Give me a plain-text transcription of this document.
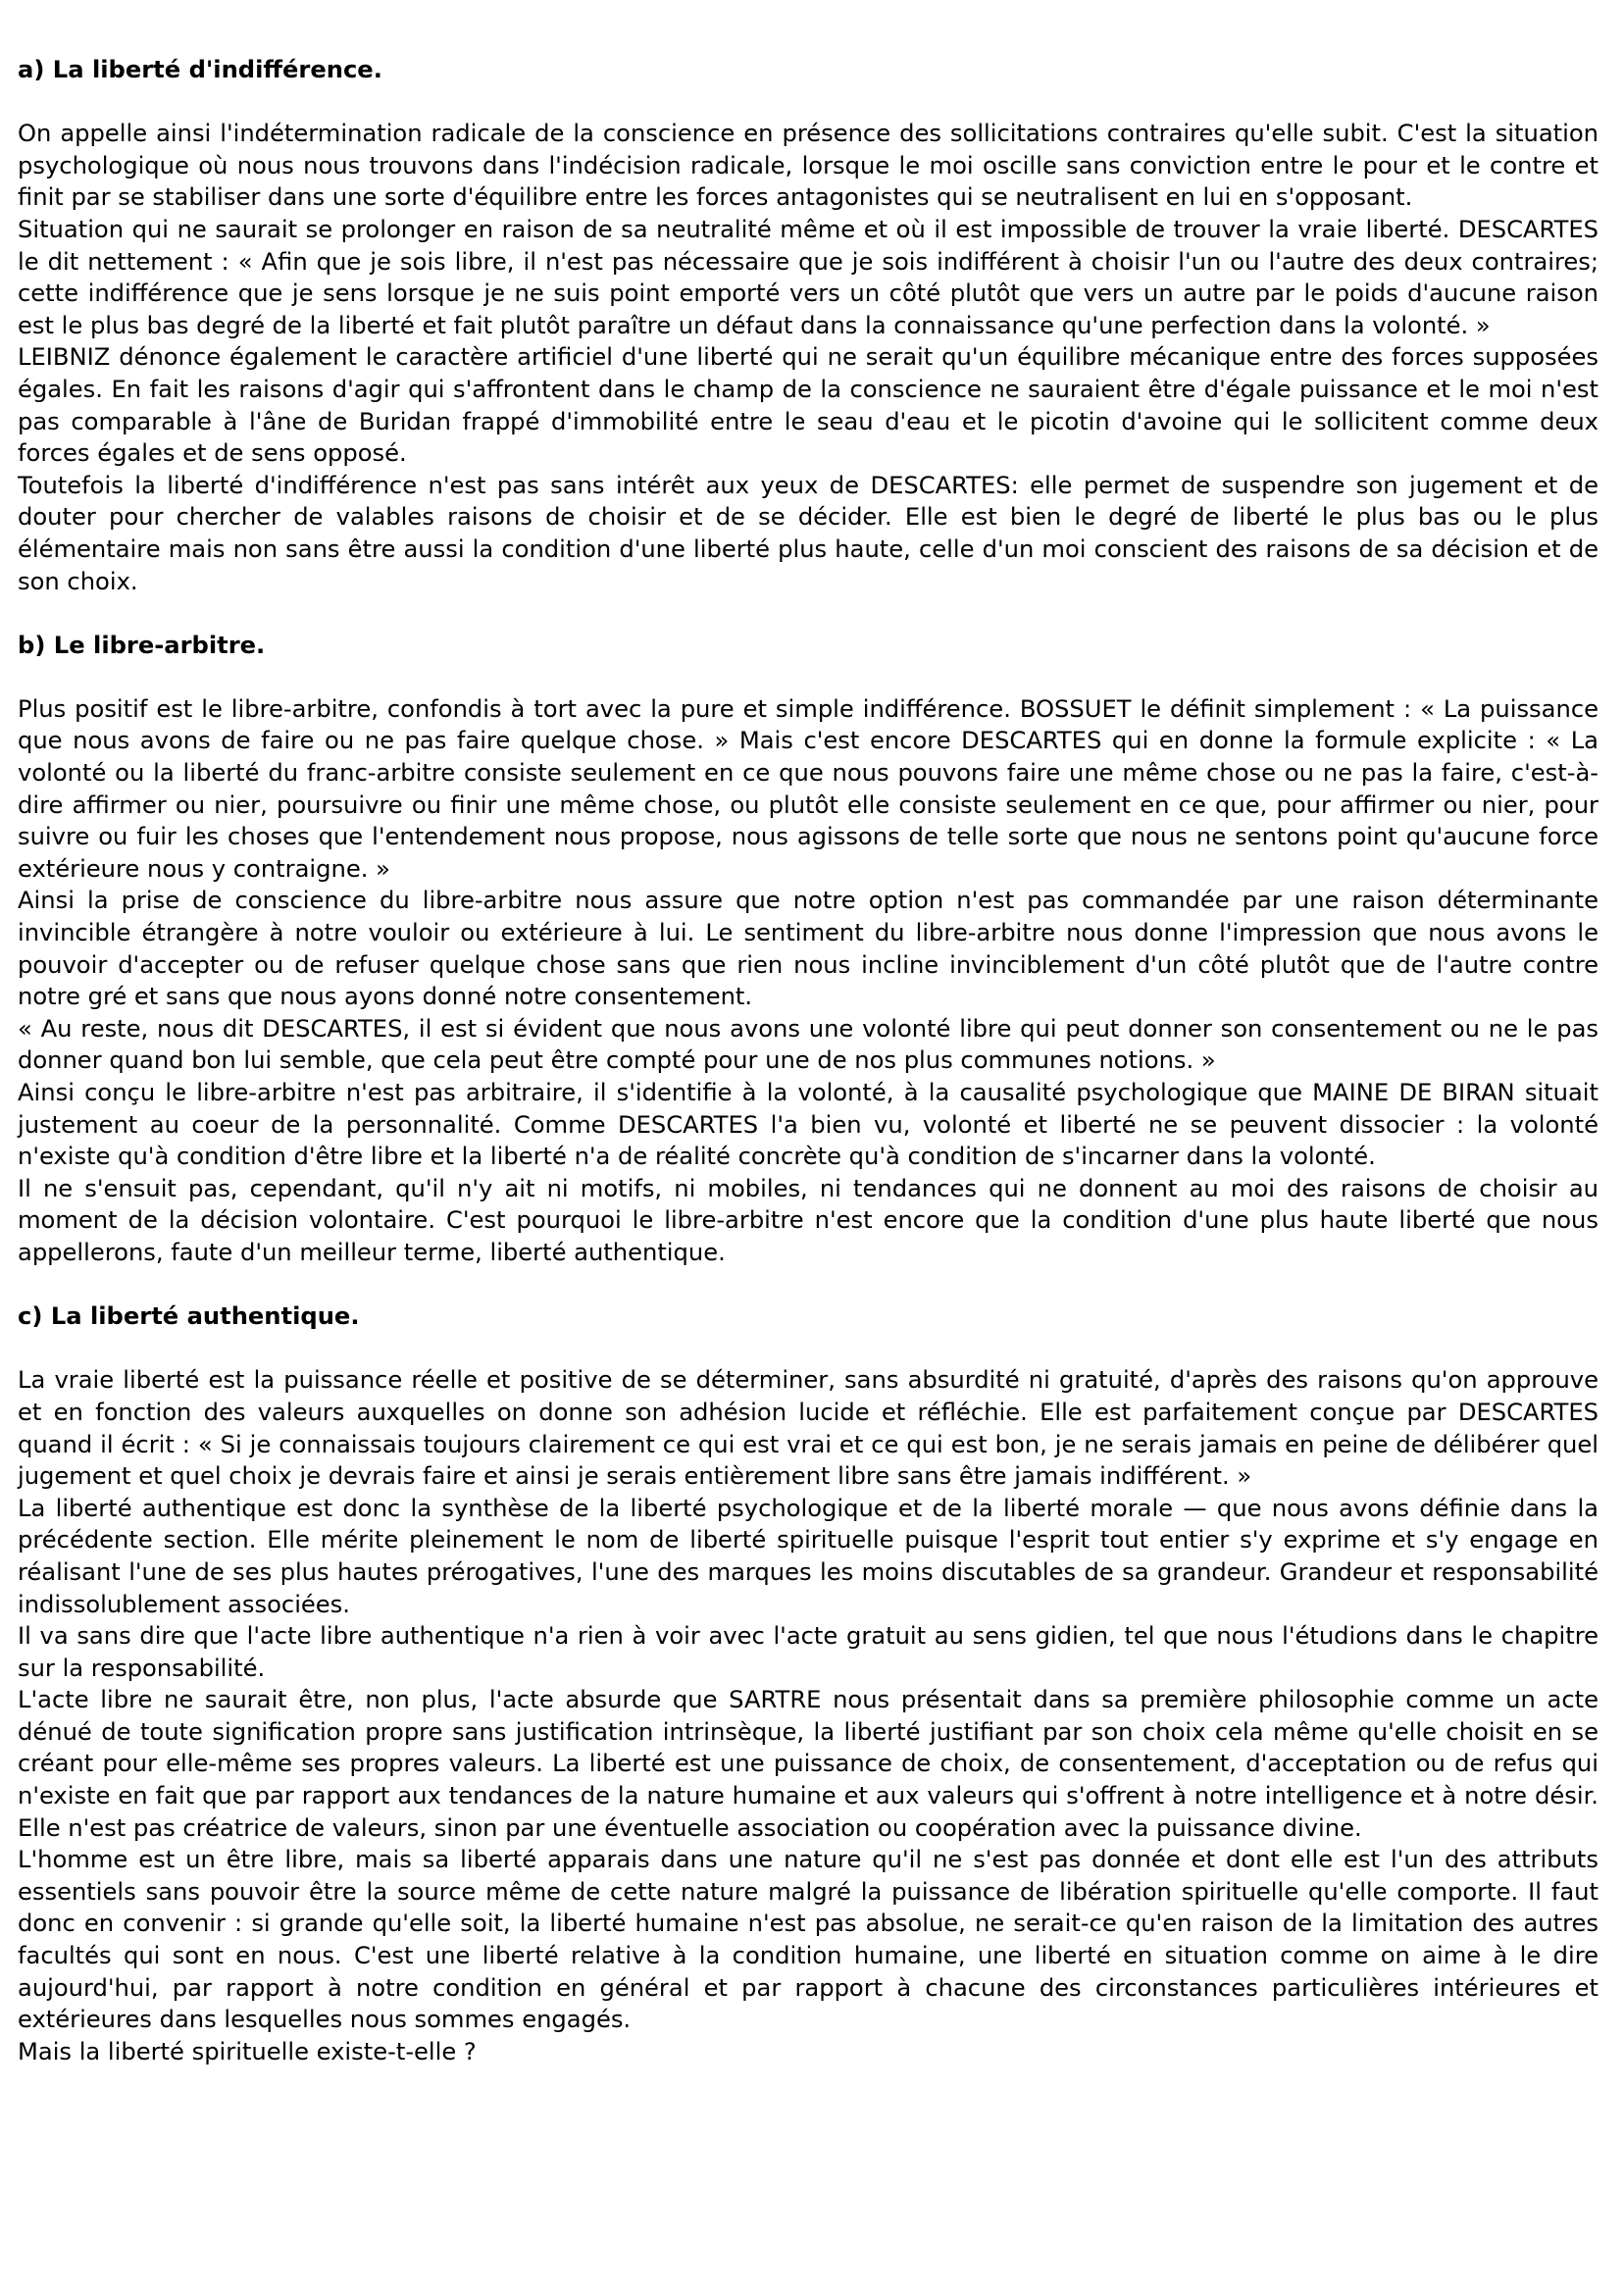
a) La liberté d'indifférence.

On appelle ainsi l'indétermination radicale de la conscience en présence des sollicitations contraires qu'elle subit. C'est la situation psychologique où nous nous trouvons dans l'indécision radicale, lorsque le moi oscille sans conviction entre le pour et le contre et finit par se stabiliser dans une sorte d'équilibre entre les forces antagonistes qui se neutralisent en lui en s'opposant.

Situation qui ne saurait se prolonger en raison de sa neutralité même et où il est impossible de trouver la vraie liberté. DESCARTES le dit nettement : « Afin que je sois libre, il n'est pas nécessaire que je sois indifférent à choisir l'un ou l'autre des deux contraires; cette indifférence que je sens lorsque je ne suis point emporté vers un côté plutôt que vers un autre par le poids d'aucune raison est le plus bas degré de la liberté et fait plutôt paraître un défaut dans la connaissance qu'une perfection dans la volonté. »

LEIBNIZ dénonce également le caractère artificiel d'une liberté qui ne serait qu'un équilibre mécanique entre des forces supposées égales. En fait les raisons d'agir qui s'affrontent dans le champ de la conscience ne sauraient être d'égale puissance et le moi n'est pas comparable à l'âne de Buridan frappé d'immobilité entre le seau d'eau et le picotin d'avoine qui le sollicitent comme deux forces égales et de sens opposé.

Toutefois la liberté d'indifférence n'est pas sans intérêt aux yeux de DESCARTES: elle permet de suspendre son jugement et de douter pour chercher de valables raisons de choisir et de se décider. Elle est bien le degré de liberté le plus bas ou le plus élémentaire mais non sans être aussi la condition d'une liberté plus haute, celle d'un moi conscient des raisons de sa décision et de son choix.

b) Le libre-arbitre.

Plus positif est le libre-arbitre, confondis à tort avec la pure et simple indifférence. BOSSUET le définit simplement : « La puissance que nous avons de faire ou ne pas faire quelque chose. » Mais c'est encore DESCARTES qui en donne la formule explicite : « La volonté ou la liberté du franc-arbitre consiste seulement en ce que nous pouvons faire une même chose ou ne pas la faire, c'est-à-dire affirmer ou nier, poursuivre ou finir une même chose, ou plutôt elle consiste seulement en ce que, pour affirmer ou nier, pour suivre ou fuir les choses que l'entendement nous propose, nous agissons de telle sorte que nous ne sentons point qu'aucune force extérieure nous y contraigne. »

Ainsi la prise de conscience du libre-arbitre nous assure que notre option n'est pas commandée par une raison déterminante invincible étrangère à notre vouloir ou extérieure à lui. Le sentiment du libre-arbitre nous donne l'impression que nous avons le pouvoir d'accepter ou de refuser quelque chose sans que rien nous incline invinciblement d'un côté plutôt que de l'autre contre notre gré et sans que nous ayons donné notre consentement.

« Au reste, nous dit DESCARTES, il est si évident que nous avons une volonté libre qui peut donner son consentement ou ne le pas donner quand bon lui semble, que cela peut être compté pour une de nos plus communes notions. »

Ainsi conçu le libre-arbitre n'est pas arbitraire, il s'identifie à la volonté, à la causalité psychologique que MAINE DE BIRAN situait justement au coeur de la personnalité. Comme DESCARTES l'a bien vu, volonté et liberté ne se peuvent dissocier : la volonté n'existe qu'à condition d'être libre et la liberté n'a de réalité concrète qu'à condition de s'incarner dans la volonté.

Il ne s'ensuit pas, cependant, qu'il n'y ait ni motifs, ni mobiles, ni tendances qui ne donnent au moi des raisons de choisir au moment de la décision volontaire. C'est pourquoi le libre-arbitre n'est encore que la condition d'une plus haute liberté que nous appellerons, faute d'un meilleur terme, liberté authentique.

c) La liberté authentique.

La vraie liberté est la puissance réelle et positive de se déterminer, sans absurdité ni gratuité, d'après des raisons qu'on approuve et en fonction des valeurs auxquelles on donne son adhésion lucide et réfléchie. Elle est parfaitement conçue par DESCARTES quand il écrit : « Si je connaissais toujours clairement ce qui est vrai et ce qui est bon, je ne serais jamais en peine de délibérer quel jugement et quel choix je devrais faire et ainsi je serais entièrement libre sans être jamais indifférent. »

La liberté authentique est donc la synthèse de la liberté psychologique et de la liberté morale — que nous avons définie dans la précédente section. Elle mérite pleinement le nom de liberté spirituelle puisque l'esprit tout entier s'y exprime et s'y engage en réalisant l'une de ses plus hautes prérogatives, l'une des marques les moins discutables de sa grandeur. Grandeur et responsabilité indissolublement associées.

Il va sans dire que l'acte libre authentique n'a rien à voir avec l'acte gratuit au sens gidien, tel que nous l'étudions dans le chapitre sur la responsabilité.

L'acte libre ne saurait être, non plus, l'acte absurde que SARTRE nous présentait dans sa première philosophie comme un acte dénué de toute signification propre sans justification intrinsèque, la liberté justifiant par son choix cela même qu'elle choisit en se créant pour elle-même ses propres valeurs. La liberté est une puissance de choix, de consentement, d'acceptation ou de refus qui n'existe en fait que par rapport aux tendances de la nature humaine et aux valeurs qui s'offrent à notre intelligence et à notre désir. Elle n'est pas créatrice de valeurs, sinon par une éventuelle association ou coopération avec la puissance divine.

L'homme est un être libre, mais sa liberté apparais dans une nature qu'il ne s'est pas donnée et dont elle est l'un des attributs essentiels sans pouvoir être la source même de cette nature malgré la puissance de libération spirituelle qu'elle comporte. Il faut donc en convenir : si grande qu'elle soit, la liberté humaine n'est pas absolue, ne serait-ce qu'en raison de la limitation des autres facultés qui sont en nous. C'est une liberté relative à la condition humaine, une liberté en situation comme on aime à le dire aujourd'hui, par rapport à notre condition en général et par rapport à chacune des circonstances particulières intérieures et extérieures dans lesquelles nous sommes engagés.

Mais la liberté spirituelle existe-t-elle ?
